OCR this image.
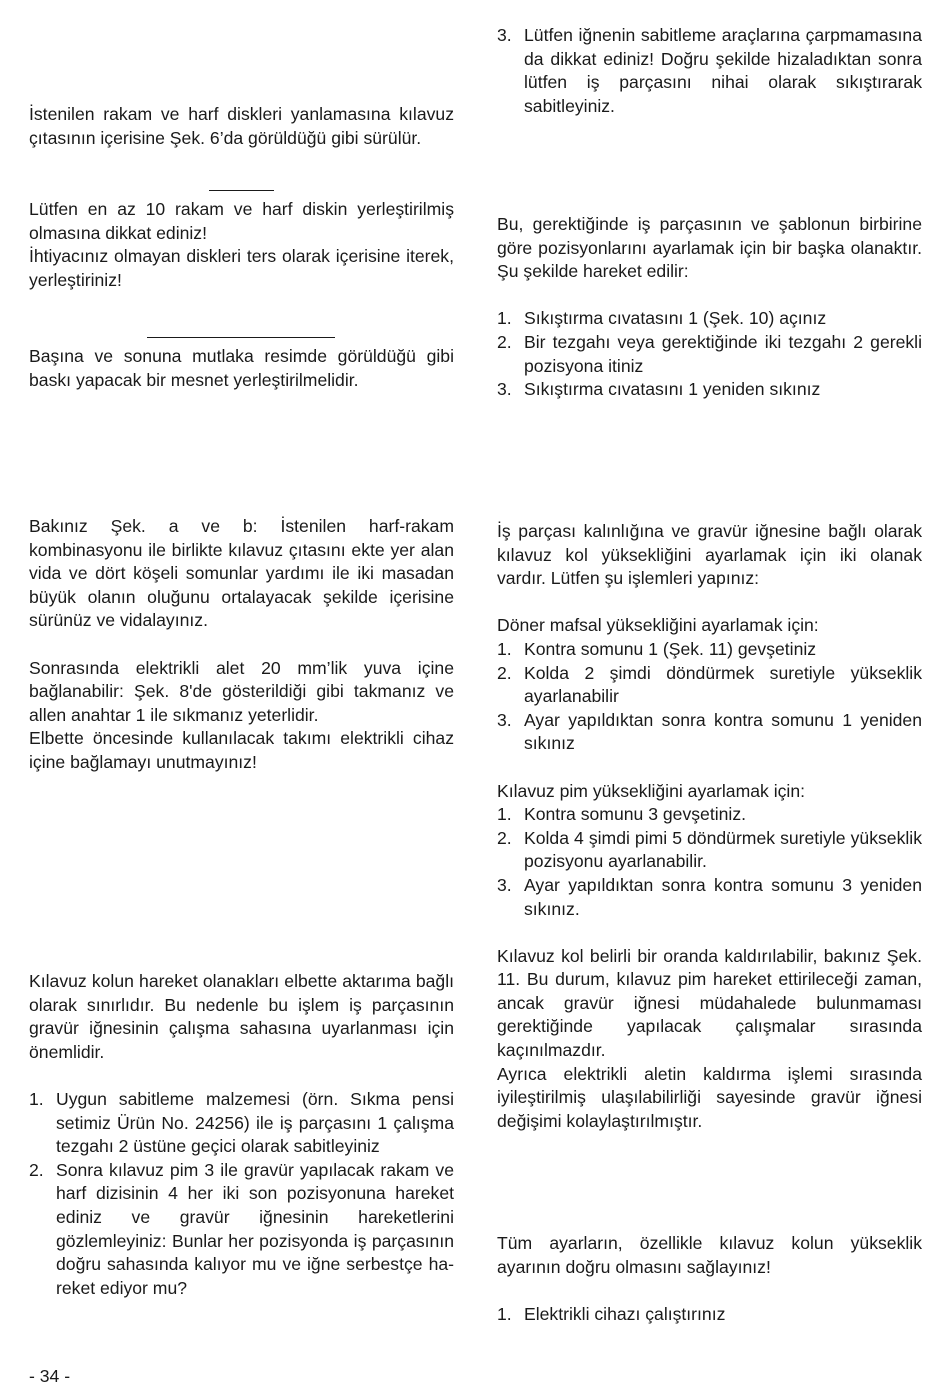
İstenilen rakam ve harf diskleri yanlamasına kılavuz çıtasının içerisine Şek. 6’da görüldüğü gibi sürülür.

Lütfen en az 10 rakam ve harf diskin yerleştirilmiş olmasına dikkat ediniz!

İhtiyacınız olmayan diskleri ters olarak içerisine iterek, yerleştiriniz!

Başına ve sonuna mutlaka resimde görüldüğü gibi baskı yapacak bir mesnet yerleştirilmelidir.

Bakınız Şek. a ve b: İstenilen harf-rakam kombinasyonu ile birlikte kılavuz çıtasını ekte yer alan vida ve dört köşeli somunlar yardımı ile iki masadan büyük olanın oluğunu ortalayacak şekilde içerisine sürünüz ve vidalayınız.

Sonrasında elektrikli alet 20 mm’lik yuva içine bağlanabilir: Şek. 8'de gösterildiği gibi takmanız ve allen anahtar 1 ile sıkmanız yeterlidir.

Elbette öncesinde kullanılacak takımı elektrikli cihaz içine bağlamayı unutmayınız!

Kılavuz kolun hareket olanakları elbette aktarıma bağlı olarak sınırlıdır. Bu nedenle bu işlem iş parçasının gravür iğnesinin çalışma sahasına uyarlanması için önemlidir.

1. Uygun sabitleme malzemesi (örn. Sıkma pensi setimiz Ürün No. 24256) ile iş parçasını 1 çalışma tezgahı 2 üstüne geçici olarak sabitleyiniz
2. Sonra kılavuz pim 3 ile gravür yapılacak rakam ve harf dizisinin 4 her iki son pozisyonuna hareket ediniz ve gravür iğnesinin hareketlerini gözlemleyiniz: Bunlar her pozisyonda iş parçasının doğru sahasında kalıyor mu ve iğne serbestçe ha-reket ediyor mu?
3. Lütfen iğnenin sabitleme araçlarına çarpmamasına da dikkat ediniz! Doğru şekilde hizaladıktan sonra lütfen iş parçasını nihai olarak sıkıştırarak sabitleyiniz.

Bu, gerektiğinde iş parçasının ve şablonun birbirine göre pozisyonlarını ayarlamak için bir başka olanaktır. Şu şekilde hareket edilir:

1. Sıkıştırma cıvatasını 1 (Şek. 10) açınız
2. Bir tezgahı veya gerektiğinde iki tezgahı 2 gerekli pozisyona itiniz
3. Sıkıştırma cıvatasını 1 yeniden sıkınız

İş parçası kalınlığına ve gravür iğnesine bağlı olarak kılavuz kol yüksekliğini ayarlamak için iki olanak vardır. Lütfen şu işlemleri yapınız:

Döner mafsal yüksekliğini ayarlamak için:

1. Kontra somunu 1 (Şek. 11) gevşetiniz
2. Kolda 2 şimdi döndürmek suretiyle yükseklik ayarlanabilir
3. Ayar yapıldıktan sonra kontra somunu 1 yeniden sıkınız

Kılavuz pim yüksekliğini ayarlamak için:

1. Kontra somunu 3 gevşetiniz.
2. Kolda 4 şimdi pimi 5 döndürmek suretiyle yükseklik pozisyonu ayarlanabilir.
3. Ayar yapıldıktan sonra kontra somunu 3 yeniden sıkınız.

Kılavuz kol belirli bir oranda kaldırılabilir, bakınız Şek. 11. Bu durum, kılavuz pim hareket ettirileceği zaman, ancak gravür iğnesi müdahalede bulunmaması gerektiğinde yapılacak çalışmalar sırasında kaçınılmazdır.

Ayrıca elektrikli aletin kaldırma işlemi sırasında iyileştirilmiş ulaşılabilirliği sayesinde gravür iğnesi değişimi kolaylaştırılmıştır.

Tüm ayarların, özellikle kılavuz kolun yükseklik ayarının doğru olmasını sağlayınız!

1. Elektrikli cihazı çalıştırınız
- 34 -
